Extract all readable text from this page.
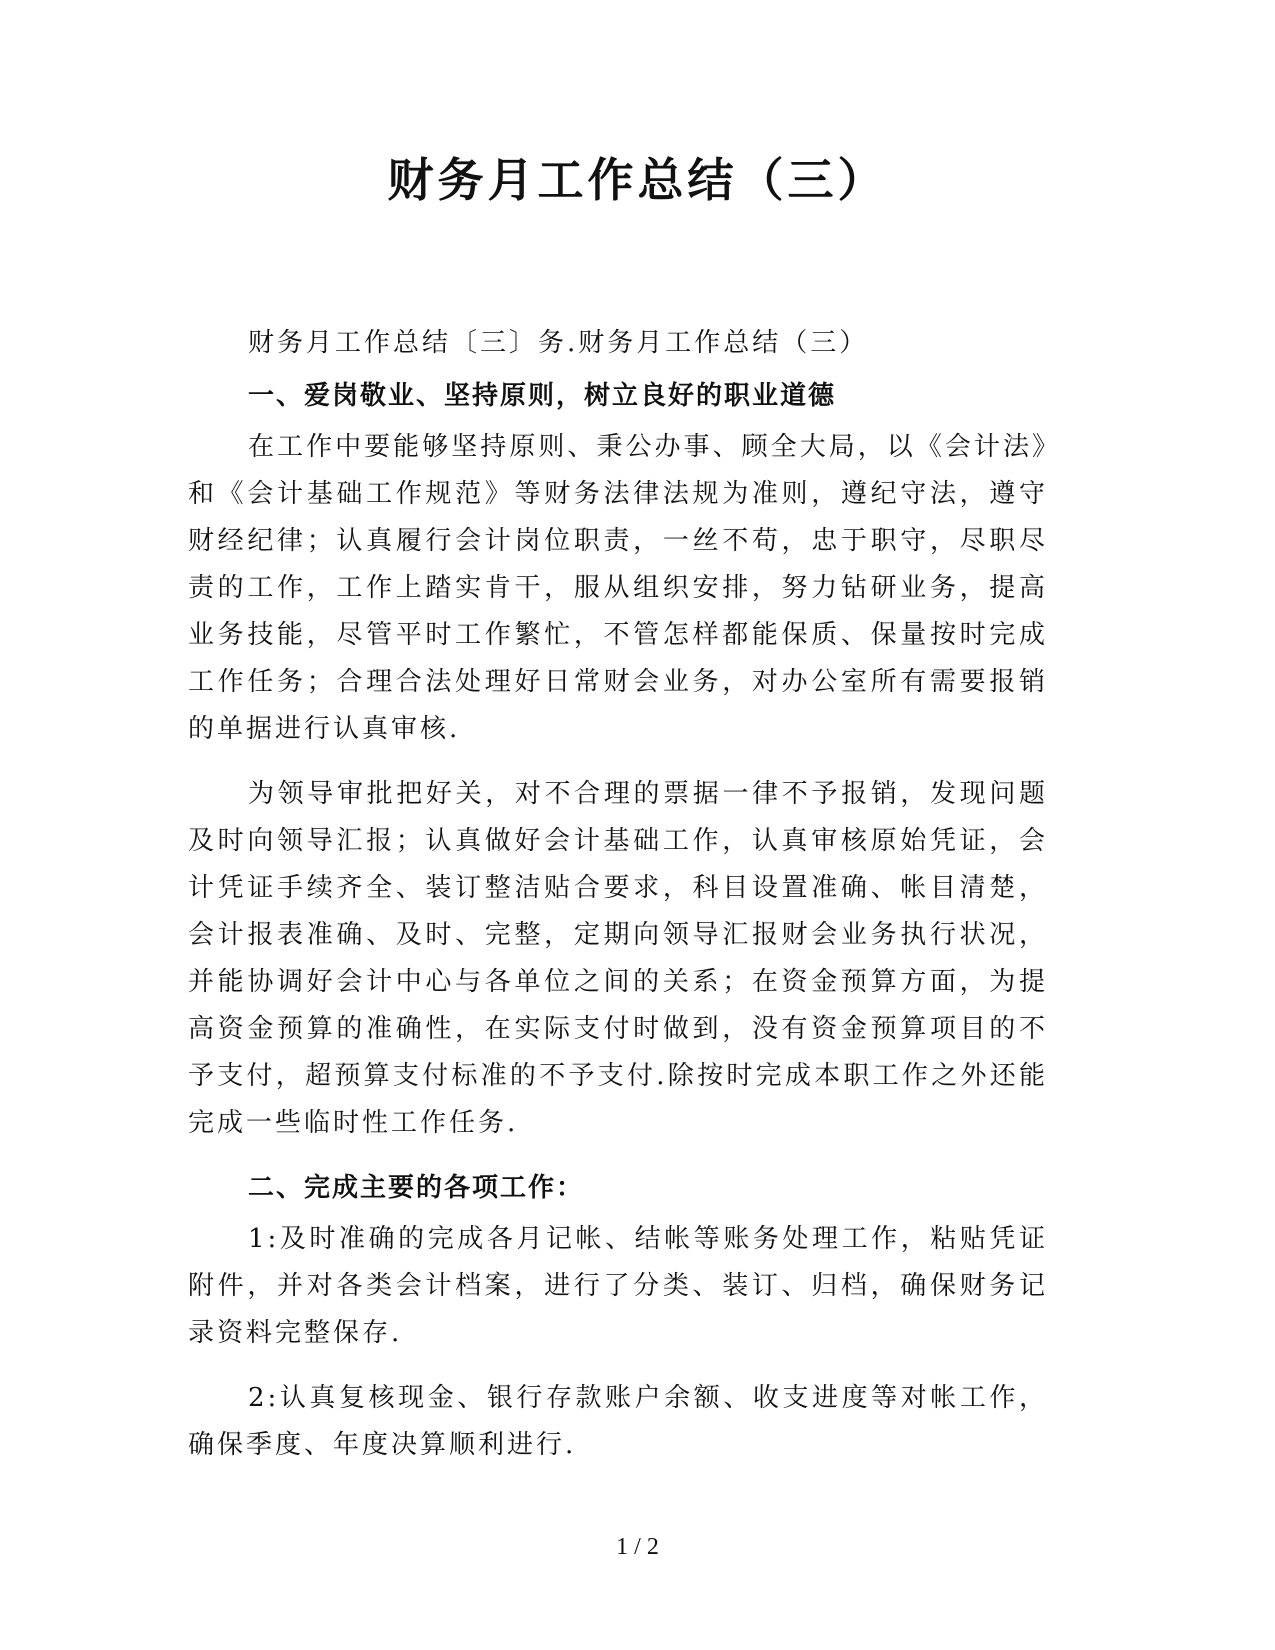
财务月工作总结（三）

财务月工作总结〔三〕务.财务月工作总结（三）

一、爱岗敬业、坚持原则，树立良好的职业道德

在工作中要能够坚持原则、秉公办事、顾全大局，以《会计法》和《会计基础工作规范》等财务法律法规为准则，遵纪守法，遵守财经纪律；认真履行会计岗位职责，一丝不苟，忠于职守，尽职尽责的工作，工作上踏实肯干，服从组织安排，努力钻研业务，提高业务技能，尽管平时工作繁忙，不管怎样都能保质、保量按时完成工作任务；合理合法处理好日常财会业务，对办公室所有需要报销的单据进行认真审核.

为领导审批把好关，对不合理的票据一律不予报销，发现问题及时向领导汇报；认真做好会计基础工作，认真审核原始凭证，会计凭证手续齐全、装订整洁贴合要求，科目设置准确、帐目清楚，会计报表准确、及时、完整，定期向领导汇报财会业务执行状况，并能协调好会计中心与各单位之间的关系；在资金预算方面，为提高资金预算的准确性，在实际支付时做到，没有资金预算项目的不予支付，超预算支付标准的不予支付.除按时完成本职工作之外还能完成一些临时性工作任务.

二、完成主要的各项工作：

1:及时准确的完成各月记帐、结帐等账务处理工作，粘贴凭证附件，并对各类会计档案，进行了分类、装订、归档，确保财务记录资料完整保存.

2:认真复核现金、银行存款账户余额、收支进度等对帐工作，确保季度、年度决算顺利进行.

1 / 2
